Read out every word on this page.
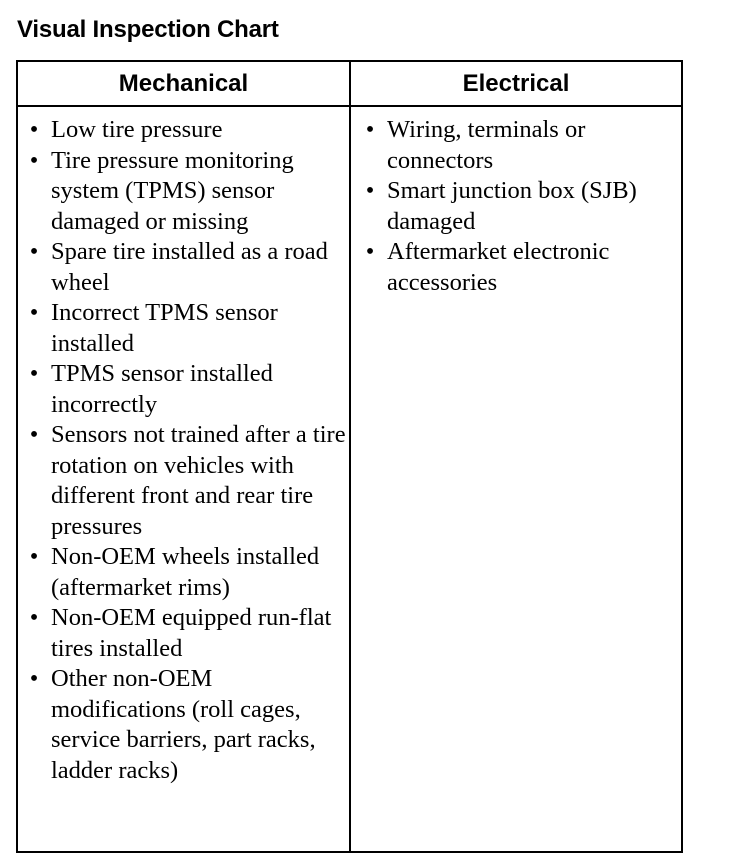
Visual Inspection Chart
Mechanical	Electrical
• Low tire pressure
• Tire pressure monitoring system (TPMS) sensor damaged or missing
• Spare tire installed as a road wheel
• Incorrect TPMS sensor installed
• TPMS sensor installed incorrectly
• Sensors not trained after a tire rotation on vehicles with different front and rear tire pressures
• Non-OEM wheels installed (aftermarket rims)
• Non-OEM equipped run-flat tires installed
• Other non-OEM modifications (roll cages, service barriers, part racks, ladder racks)
• Wiring, terminals or connectors
• Smart junction box (SJB) damaged
• Aftermarket electronic accessories
